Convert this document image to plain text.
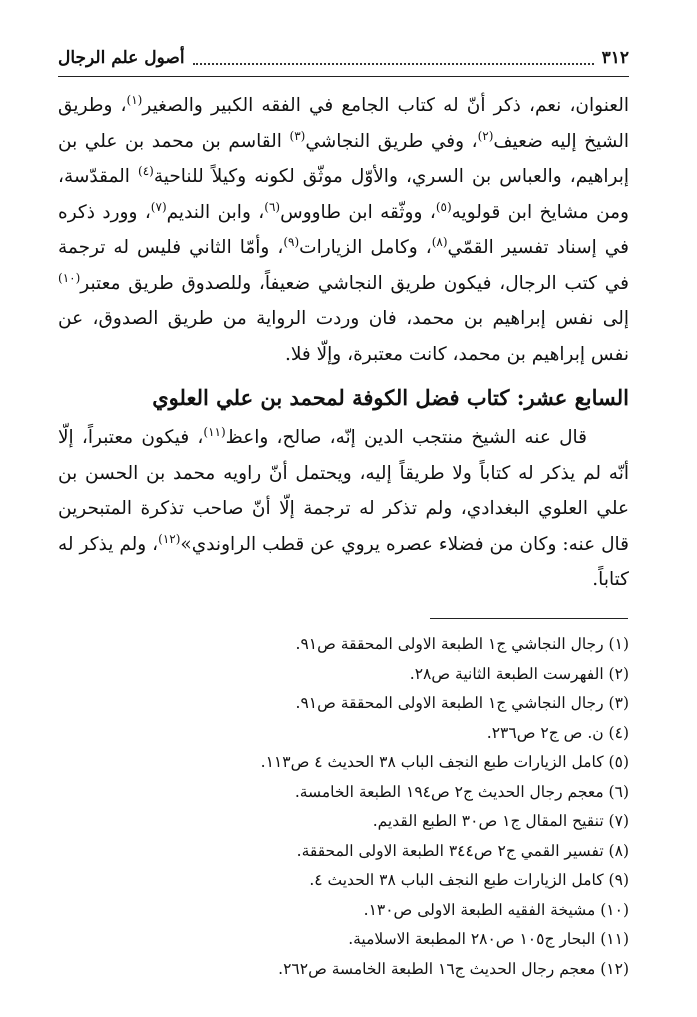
٣١٢
أصول علم الرجال

العنوان، نعم، ذكر أنّ له كتاب الجامع في الفقه الكبير والصغير$^{(١)}$، وطريق الشيخ إليه ضعيف$^{(٢)}$، وفي طريق النجاشي$^{(٣)}$ القاسم بن محمد بن علي بن إبراهيم، والعباس بن السري، والأوّل موثّق لكونه وكيلاً للناحية$^{(٤)}$ المقدّسة، ومن مشايخ ابن قولويه$^{(٥)}$، ووثّقه ابن طاووس$^{(٦)}$، وابن النديم$^{(٧)}$، وورد ذكره في إسناد تفسير القمّي$^{(٨)}$، وكامل الزيارات$^{(٩)}$، وأمّا الثاني فليس له ترجمة في كتب الرجال، فيكون طريق النجاشي ضعيفاً، وللصدوق طريق معتبر$^{(١٠)}$ إلى نفس إبراهيم بن محمد، فان وردت الرواية من طريق الصدوق، عن نفس إبراهيم بن محمد، كانت معتبرة، وإلّا فلا.

السابع عشر: كتاب فضل الكوفة لمحمد بن علي العلوي

قال عنه الشيخ منتجب الدين إنّه، صالح، واعظ$^{(١١)}$، فيكون معتبراً، إلّا أنّه لم يذكر له كتاباً ولا طريقاً إليه، ويحتمل أنّ راويه محمد بن الحسن بن علي العلوي البغدادي، ولم تذكر له ترجمة إلّا أنّ صاحب تذكرة المتبحرين قال عنه: وكان من فضلاء عصره يروي عن قطب الراوندي»$^{(١٢)}$، ولم يذكر له كتاباً.

(١) رجال النجاشي ج١ الطبعة الاولى المحققة ص٩١.
(٢) الفهرست الطبعة الثانية ص٢٨.
(٣) رجال النجاشي ج١ الطبعة الاولى المحققة ص٩١.
(٤) ن. ص ج٢ ص٢٣٦.
(٥) كامل الزيارات طبع النجف الباب ٣٨ الحديث ٤ ص١١٣.
(٦) معجم رجال الحديث ج٢ ص١٩٤ الطبعة الخامسة.
(٧) تنقيح المقال ج١ ص٣٠ الطبع القديم.
(٨) تفسير القمي ج٢ ص٣٤٤ الطبعة الاولى المحققة.
(٩) كامل الزيارات طبع النجف الباب ٣٨ الحديث ٤.
(١٠) مشيخة الفقيه الطبعة الاولى ص١٣٠.
(١١) البحار ج١٠٥ ص٢٨٠ المطبعة الاسلامية.
(١٢) معجم رجال الحديث ج١٦ الطبعة الخامسة ص٢٦٢.
